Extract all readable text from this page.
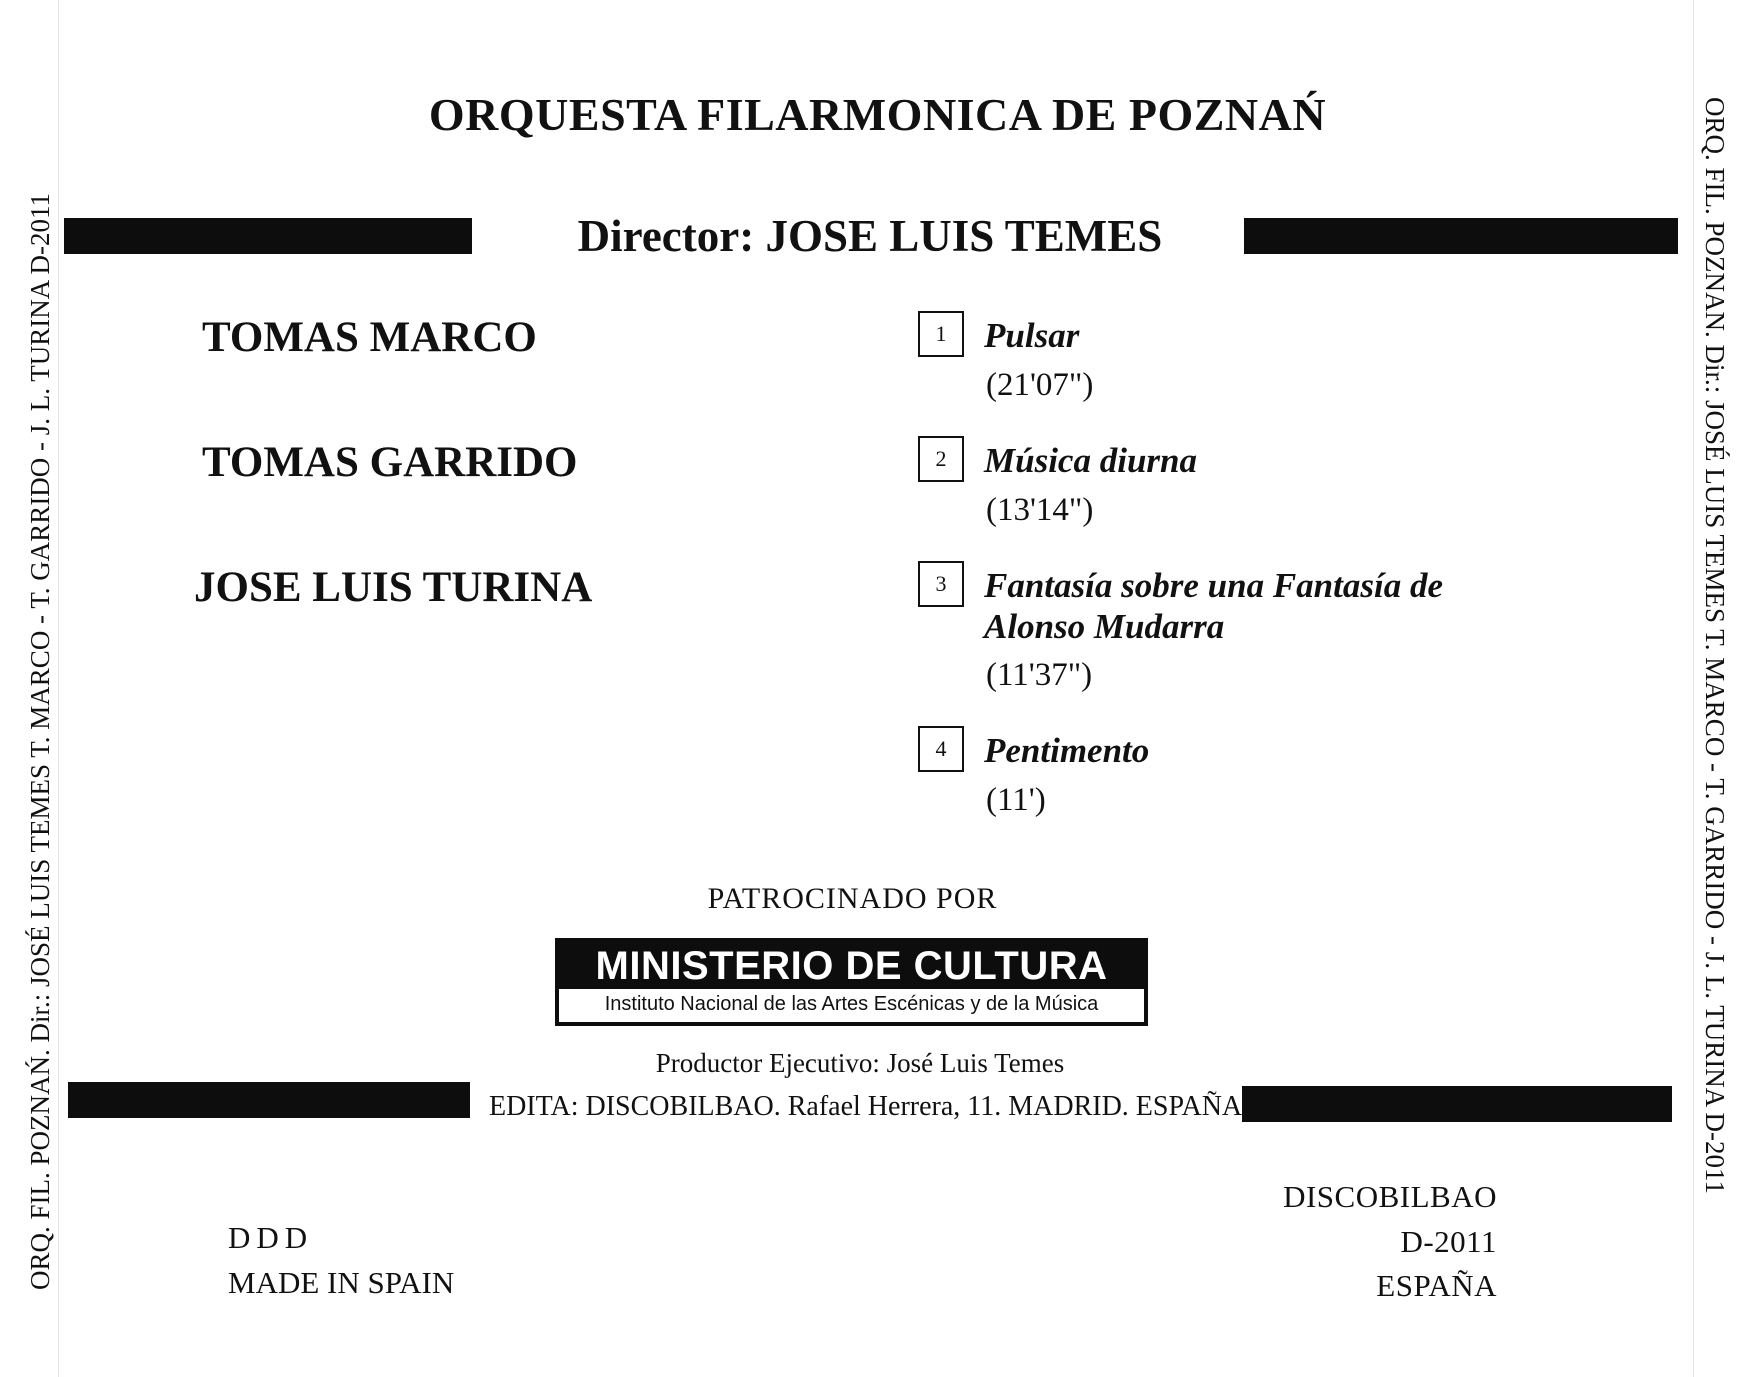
ORQ. FIL. POZNAŃ. Dir.: JOSÉ LUIS TEMES T. MARCO - T. GARRIDO - J. L. TURINA D-2011	ORQ. FIL. POZNAN. Dir.: JOSÉ LUIS TEMES T. MARCO - T. GARRIDO - J. L. TURINA D-2011
ORQUESTA FILARMONICA DE POZNAŃ
Director: JOSE LUIS TEMES
TOMAS MARCO
TOMAS GARRIDO
JOSE LUIS TURINA
1	Pulsar
(21'07")
2	Música diurna
(13'14")
3	Fantasía sobre una Fantasía de Alonso Mudarra
(11'37")
4	Pentimento
(11')
PATROCINADO POR
MINISTERIO DE CULTURA
Instituto Nacional de las Artes Escénicas y de la Música
Productor Ejecutivo: José Luis Temes
EDITA: DISCOBILBAO. Rafael Herrera, 11. MADRID. ESPAÑA
DDD
MADE IN SPAIN
DISCOBILBAO
D-2011
ESPAÑA
